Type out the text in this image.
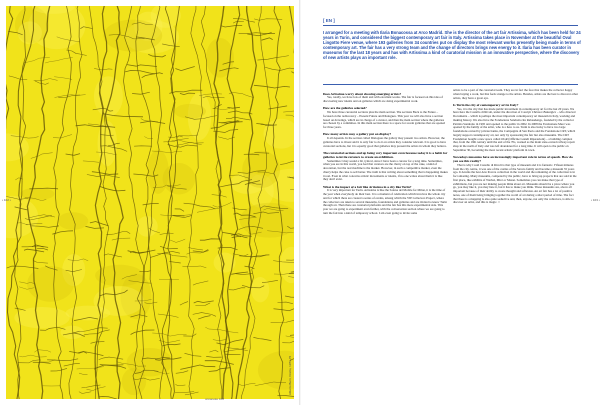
• 102 •
Alberto Burri, Cretto, 1971-76
onnanoko 102
[ EN ]
I arranged for a meeting with Ilaria Bonacossa at Arco Madrid. She is the director of the art fair Artissima, which has been held for 24 years in Turin, and considered the biggest contemporary art fair in Italy. Artissima takes place in November at the beautiful Oval Lingotto Fiere venue, where 193 galleries from 34 countries put on display the most relevant works presently being made in terms of contemporary art. The fair has a very strong team and the change of directors brings new energy to it. Ilaria has been curator in museums for the last 18 years and has with Artissima a kind of curatorial mission in an innovative perspective, where the discovery of new artists plays an important role.
Does Artissima worry about showing emerging artists?

Yes, totally, we have lots of them and with excellent works. The fair is focused on this idea of discovering new talents and on galleries which are doing experimental work.

How are the galleries selected?

We have three curatorial sections plus the main section. The sections Back to the Future – focused on the rediscovery – Present Future and Dialogues. This year we will also have a section based on drawings, which are in charge of a curator, and then the main section where the galleries are chosen by a committee. In this main section there is a space for recent galleries that are opened for three years.

How many artists may a gallery put on display?

It all depends. In the section called Dialogues the gallery may present two artists. However, the galleries have to invest and it is only fair to do it on artists they consider relevant. It is good to have curatorial sections, but it is equally good that galleries may present the artists in whom they believe.

The curatorial sections end up being very important even because today it is a habit for galleries to invite curators to create an exhibition.

Sometimes I may sound a bit cynical, since I have been a curator for a long time. Sometimes, when you are in this world, you feel that curators are the cherry on top of the cake, a kind of decoration, but the real machine is the market. However, in such a competitive market, even the cherry helps the cake to sell better. The truth is that writing about something that is happening makes it real. Even in what concerns artistic movements or talents, if no one writes about them it is like they don't exist.

What is the impact of a fair like Artissima in a city like Turin?

It is very important for Turin. Artissima is like the Salone del Mobile for Milan, it is the time of the year when everybody do their best. It is a moment of celebration which involves the whole city and for which there are created a series of events, among which the VIP Collectors Project, where the collectors are taken to several museums, foundations and galleries and are invited to know Turin through art. Then there are curatorial platforms and the fair has this more experimental side. This year we are going to experiment even further, with the conversation section where we are going to turn the fair into a kind of temporary school. I am even going to invite some

artists to be a part of the curatorial team. They are in fact the face that makes the collector happy when buying a work, but that feels strange to the artists. Besides, artists are the best to discover other artists, they have a great eye.

Is Turin the city of contemporary art in Italy?

Yes, it is the city that has made public investment in contemporary art for the last 20 years. We have here the Castello di Rivoli, under the direction of Carolyn Christov-Bakargiev – who directed Documenta – which is perhaps the most important contemporary art museum in Italy, working and making history. We also have the Fondazione Sandretto Re Rebaudengo, founded by the collector Patrizia Sandretto in 1995 and opened to the public in 2002. In 2008 the Fondazione Merz was opened by the family of the artist, who is a hero to us. Turin is also lucky to have two large foundations owned by private banks, the Compagnia di San Paolo and the Fondazione CRT, which largely support contemporary art, not only by sponsoring the fair but also museums. The CRT Foundation bought a new space called OGR (Officine Grandi Riparazioni) – a building complex that, from the 19th century until the end of the 70s, worked as the main state-owned railway repair shop in the north of Italy and was left abandoned for a long time. It will open to the public on September 30, becoming the most recent artistic platform in town.

Nowadays museums have an increasingly important role in terms of speech. How do you see this reality?

That is why I said Castello di Rivoli is that type of museum and it is fantastic. Fifteen minutes from the city centre, it was one of the castles of the Savoia family and became a museum 35 years ago. It detains the best Arte Povera collection in the world and the remaining of the collection is in fact amazing. Many museums, competed by the public, have to bring up projects that are sold in the first place, like exhibits of Warhol, Miró or Monet. Sometimes you can make that type of exhibitions, but you are not making people think about art. Museums should be a place where you go, you may like it, you may hate it, but it has to make you think. These museums are, above all important because of their ability to create thought and reflexion. An art fair has a lot of positive notes, one of them being bringing together the world of art during a short period of time. The fact that there is a mapping is also quite seductive and, then, anyone, not only the collectors, is able to discover an artist, and this is magic. //

• 103 •
